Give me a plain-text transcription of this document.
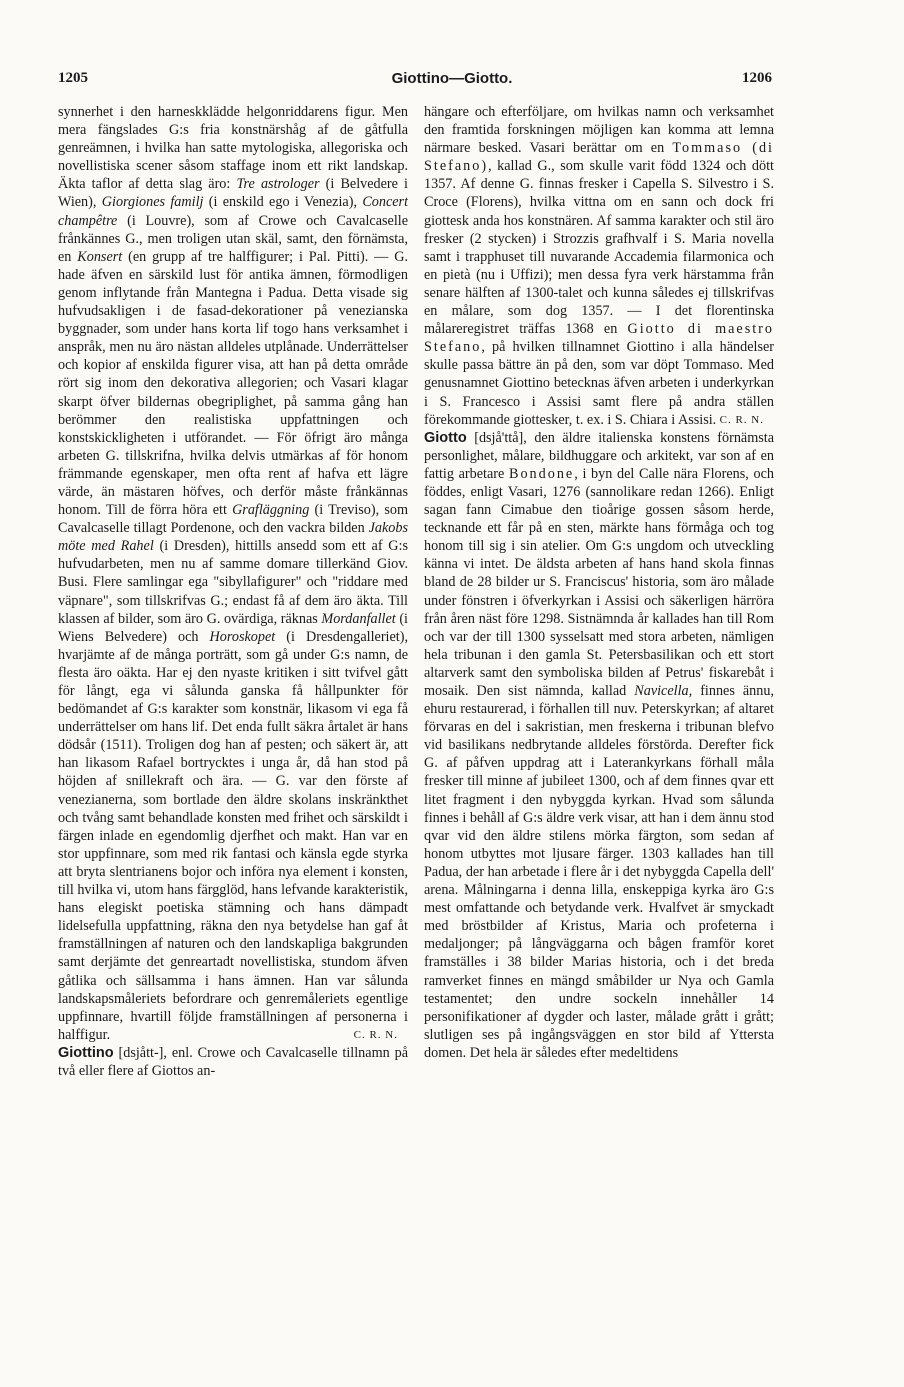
1205	Giottino—Giotto.	1206

synnerhet i den harneskklädde helgonriddarens figur. Men mera fängslades G:s fria konstnärshåg af de gåtfulla genrеämnen, i hvilka han satte mytologiska, allegoriska och novellistiska scener såsom staffage inom ett rikt landskap. Äkta taflor af detta slag äro: Tre astrologer (i Belvedere i Wien), Giorgiones familj (i enskild ego i Venezia), Concert champêtre (i Louvre), som af Crowe och Cavalcaselle frånkännes G., men troligen utan skäl, samt, den förnämsta, en Konsert (en grupp af tre halffigurer; i Pal. Pitti). — G. hade äfven en särskild lust för antika ämnen, förmodligen genom inflytande från Mantegna i Padua. Detta visade sig hufvudsakligen i de fasad-dekorationer på venezianska byggnader, som under hans korta lif togo hans verksamhet i anspråk, men nu äro nästan alldeles utplånade. Underrättelser och kopior af enskilda figurer visa, att han på detta område rört sig inom den dekorativa allegorien; och Vasari klagar skarpt öfver bildernas obegriplighet, på samma gång han berömmer den realistiska uppfattningen och konstskickligheten i utförandet. — För öfrigt äro många arbeten G. tillskrifna, hvilka delvis utmärkas af för honom främmande egenskaper, men ofta rent af hafva ett lägre värde, än mästaren höfves, och derför måste frånkännas honom. Till de förra höra ett Grafläggning (i Treviso), som Cavalcaselle tillagt Pordenone, och den vackra bilden Jakobs möte med Rahel (i Dresden), hittills ansedd som ett af G:s hufvudarbeten, men nu af samme domare tillerkänd Giov. Busi. Flere samlingar ega "sibyllafigurer" och "riddare med väpnare", som tillskrifvas G.; endast få af dem äro äkta. Till klassen af bilder, som äro G. ovärdiga, räknas Mordanfallet (i Wiens Belvedere) och Horoskopet (i Dresdengalleriet), hvarjämte af de många porträtt, som gå under G:s namn, de flesta äro oäkta. Har ej den nyaste kritiken i sitt tvifvel gått för långt, ega vi sålunda ganska få hållpunkter för bedömandet af G:s karakter som konstnär, likasom vi ega få underrättelser om hans lif. Det enda fullt säkra årtalet är hans dödsår (1511). Troligen dog han af pesten; och säkert är, att han likasom Rafael bortrycktes i unga år, då han stod på höjden af snillekraft och ära. — G. var den förste af venezianerna, som bortlade den äldre skolans inskränkthet och tvång samt behandlade konsten med frihet och särskildt i färgen inlade en egendomlig djerfhet och makt. Han var en stor uppfinnare, som med rik fantasi och känsla egde styrka att bryta slentrianens bojor och införa nya element i konsten, till hvilka vi, utom hans färgglöd, hans lefvande karakteristik, hans elegiskt poetiska stämning och hans dämpadt lidelsefulla uppfattning, räkna den nya betydelse han gaf åt framställningen af naturen och den landskapliga bakgrunden samt derjämte det genreartadt novellistiska, stundom äfven gåtlika och sällsamma i hans ämnen. Han var sålunda landskapsmåleriets befordrare och genremåleriets egentlige uppfinnare, hvartill följde framställningen af personerna i halffigur.	C. R. N.

Giottino [dsjått-], enl. Crowe och Cavalcaselle tillnamn på två eller flere af Giottos an-

hängare och efterföljare, om hvilkas namn och verksamhet den framtida forskningen möjligen kan komma att lemna närmare besked. Vasari berättar om en Tommaso (di Stefano), kallad G., som skulle varit född 1324 och dött 1357. Af denne G. finnas fresker i Capella S. Silvestro i S. Croce (Florens), hvilka vittna om en sann och dock fri giottesk anda hos konstnären. Af samma karakter och stil äro fresker (2 stycken) i Strozzis grafhvalf i S. Maria novella samt i trapphuset till nuvarande Accademia filarmonica och en pietà (nu i Uffizi); men dessa fyra verk härstamma från senare hälften af 1300-talet och kunna således ej tillskrifvas en målare, som dog 1357. — I det florentinska målareregistret träffas 1368 en Giotto di maestro Stefano, på hvilken tillnamnet Giottino i alla händelser skulle passa bättre än på den, som var döpt Tommaso. Med genusnamnet Giottino betecknas äfven arbeten i underkyrkan i S. Francesco i Assisi samt flere på andra ställen förekommande giottesker, t. ex. i S. Chiara i Assisi. C. R. N.

Giotto [dsjå'ttå], den äldre italienska konstens förnämsta personlighet, målare, bildhuggare och arkitekt, var son af en fattig arbetare Bondone, i byn del Calle nära Florens, och föddes, enligt Vasari, 1276 (sannolikare redan 1266). Enligt sagan fann Cimabue den tioårige gossen såsom herde, tecknande ett får på en sten, märkte hans förmåga och tog honom till sig i sin atelier. Om G:s ungdom och utveckling känna vi intet. De äldsta arbeten af hans hand skola finnas bland de 28 bilder ur S. Franciscus' historia, som äro målade under fönstren i öfverkyrkan i Assisi och säkerligen härröra från åren näst före 1298. Sistnämnda år kallades han till Rom och var der till 1300 sysselsatt med stora arbeten, nämligen hela tribunan i den gamla St. Petersbasilikan och ett stort altarverk samt den symboliska bilden af Petrus' fiskarebåt i mosaik. Den sist nämnda, kallad Navicella, finnes ännu, ehuru restaurerad, i förhallen till nuv. Peterskyrkan; af altaret förvaras en del i sakristian, men freskerna i tribunan blefvo vid basilikans nedbrytande alldeles förstörda. Derefter fick G. af påfven uppdrag att i Laterankyrkans förhall måla fresker till minne af jubileet 1300, och af dem finnes qvar ett litet fragment i den nybyggda kyrkan. Hvad som sålunda finnes i behåll af G:s äldre verk visar, att han i dem ännu stod qvar vid den äldre stilens mörka färgton, som sedan af honom utbyttes mot ljusare färger. 1303 kallades han till Padua, der han arbetade i flere år i det nybyggda Capella dell' arena. Målningarna i denna lilla, enskeppiga kyrka äro G:s mest omfattande och betydande verk. Hvalfvet är smyckadt med bröstbilder af Kristus, Maria och profeterna i medaljonger; på långväggarna och bågen framför koret framställes i 38 bilder Marias historia, och i det breda ramverket finnes en mängd småbilder ur Nya och Gamla testamentet; den undre sockeln innehåller 14 personifikationer af dygder och laster, målade grått i grått; slutligen ses på ingångsväggen en stor bild af Yttersta domen. Det hela är således efter medeltidens
